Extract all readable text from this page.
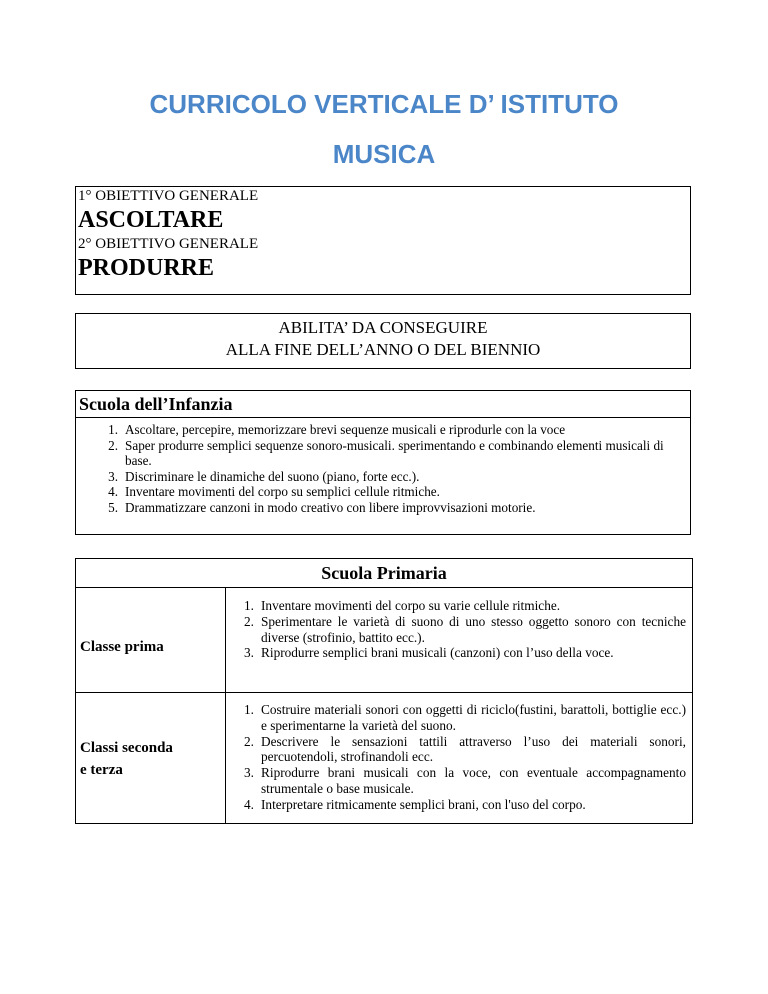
CURRICOLO VERTICALE D’ ISTITUTO
MUSICA
1° OBIETTIVO GENERALE
ASCOLTARE
2° OBIETTIVO GENERALE
PRODURRE
ABILITA’ DA CONSEGUIRE
ALLA FINE DELL’ANNO O DEL BIENNIO
Scuola dell’Infanzia
1. Ascoltare, percepire, memorizzare brevi sequenze musicali e riprodurle con la voce
2. Saper produrre semplici sequenze sonoro-musicali. sperimentando e combinando elementi musicali di base.
3. Discriminare le dinamiche del suono (piano, forte ecc.).
4. Inventare movimenti del corpo su semplici cellule ritmiche.
5. Drammatizzare canzoni in modo creativo con libere improvvisazioni motorie.
Scuola Primaria
Classe prima
1. Inventare movimenti del corpo su varie cellule ritmiche.
2. Sperimentare le varietà di suono di uno stesso oggetto sonoro con tecniche diverse (strofinio, battito ecc.).
3. Riprodurre semplici brani musicali (canzoni) con l’uso della voce.
Classi seconda
e terza
1. Costruire materiali sonori con oggetti di riciclo(fustini, barattoli, bottiglie ecc.) e sperimentarne la varietà del suono.
2. Descrivere le sensazioni tattili attraverso l’uso dei materiali sonori, percuotendoli, strofinandoli ecc.
3. Riprodurre brani musicali con la voce, con eventuale accompagnamento strumentale o base musicale.
4. Interpretare ritmicamente semplici brani, con l'uso del corpo.
